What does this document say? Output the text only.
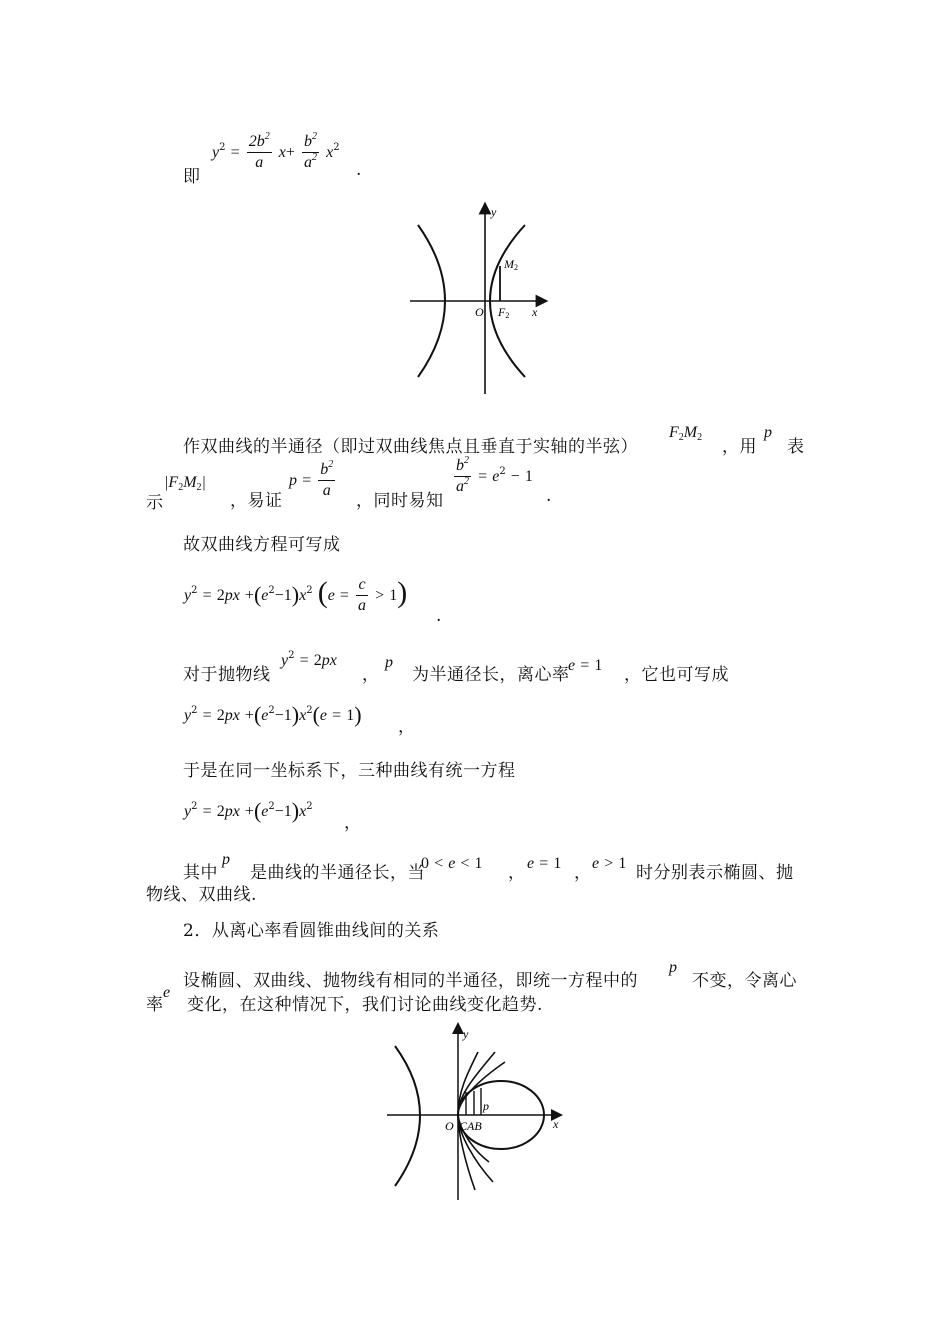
即
$y^2 = \frac{2b^2}{a} x+ \frac{b^2}{a^2} x^2$
.
M2
O F2 x
y
作双曲线的半通径（即过双曲线焦点且垂直于实轴的半弦）
$F_2M_2$ ，用
p
表
示
$|F_2M_2|$
，易证
$p = \frac{b^2}{a}$ ，同时易知
$\frac{b^2}{a^2} = e^2 - 1$
.
故双曲线方程可写成
$y^2 = 2px +(e^2-1)x^2$ $(e = \frac{c}{a} > 1)$
.
对于抛物线
$y^2 = 2px$
，
p
为半通径长，离心率
e = 1 ，它也可写成
$y^2 = 2px +(e^2-1)x^2(e = 1)$ ，
于是在同一坐标系下，三种曲线有统一方程
$y^2 = 2px +(e^2-1)x^2$
，
其中
p
是曲线的半通径长，当
0 < e < 1 ， e = 1 ， e > 1 时分别表示椭圆、抛
物线、双曲线.
2．从离心率看圆锥曲线间的关系
设椭圆、双曲线、抛物线有相同的半通径，即统一方程中的
p
不变，令离心
率
e
变化，在这种情况下，我们讨论曲线变化趋势.
p
O CAB	x
y
